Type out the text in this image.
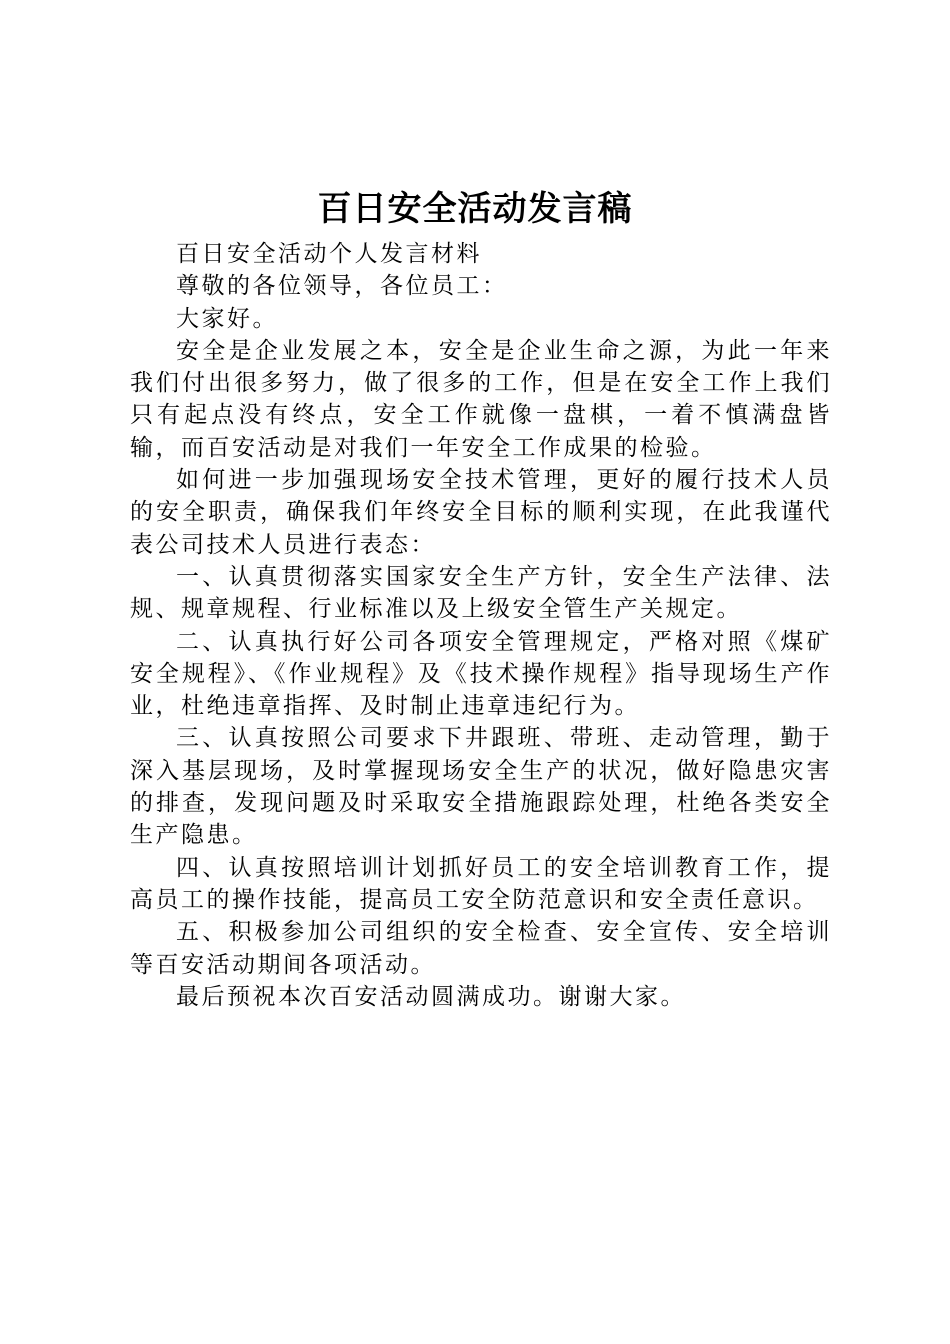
百日安全活动发言稿

百日安全活动个人发言材料

尊敬的各位领导，各位员工：

大家好。

安全是企业发展之本，安全是企业生命之源，为此一年来我们付出很多努力，做了很多的工作，但是在安全工作上我们只有起点没有终点，安全工作就像一盘棋，一着不慎满盘皆输，而百安活动是对我们一年安全工作成果的检验。

如何进一步加强现场安全技术管理，更好的履行技术人员的安全职责，确保我们年终安全目标的顺利实现，在此我谨代表公司技术人员进行表态：

一、认真贯彻落实国家安全生产方针，安全生产法律、法规、规章规程、行业标准以及上级安全管生产关规定。

二、认真执行好公司各项安全管理规定，严格对照《煤矿安全规程》、《作业规程》及《技术操作规程》指导现场生产作业，杜绝违章指挥、及时制止违章违纪行为。

三、认真按照公司要求下井跟班、带班、走动管理，勤于深入基层现场，及时掌握现场安全生产的状况，做好隐患灾害的排查，发现问题及时采取安全措施跟踪处理，杜绝各类安全生产隐患。

四、认真按照培训计划抓好员工的安全培训教育工作，提高员工的操作技能，提高员工安全防范意识和安全责任意识。

五、积极参加公司组织的安全检查、安全宣传、安全培训等百安活动期间各项活动。

最后预祝本次百安活动圆满成功。谢谢大家。
